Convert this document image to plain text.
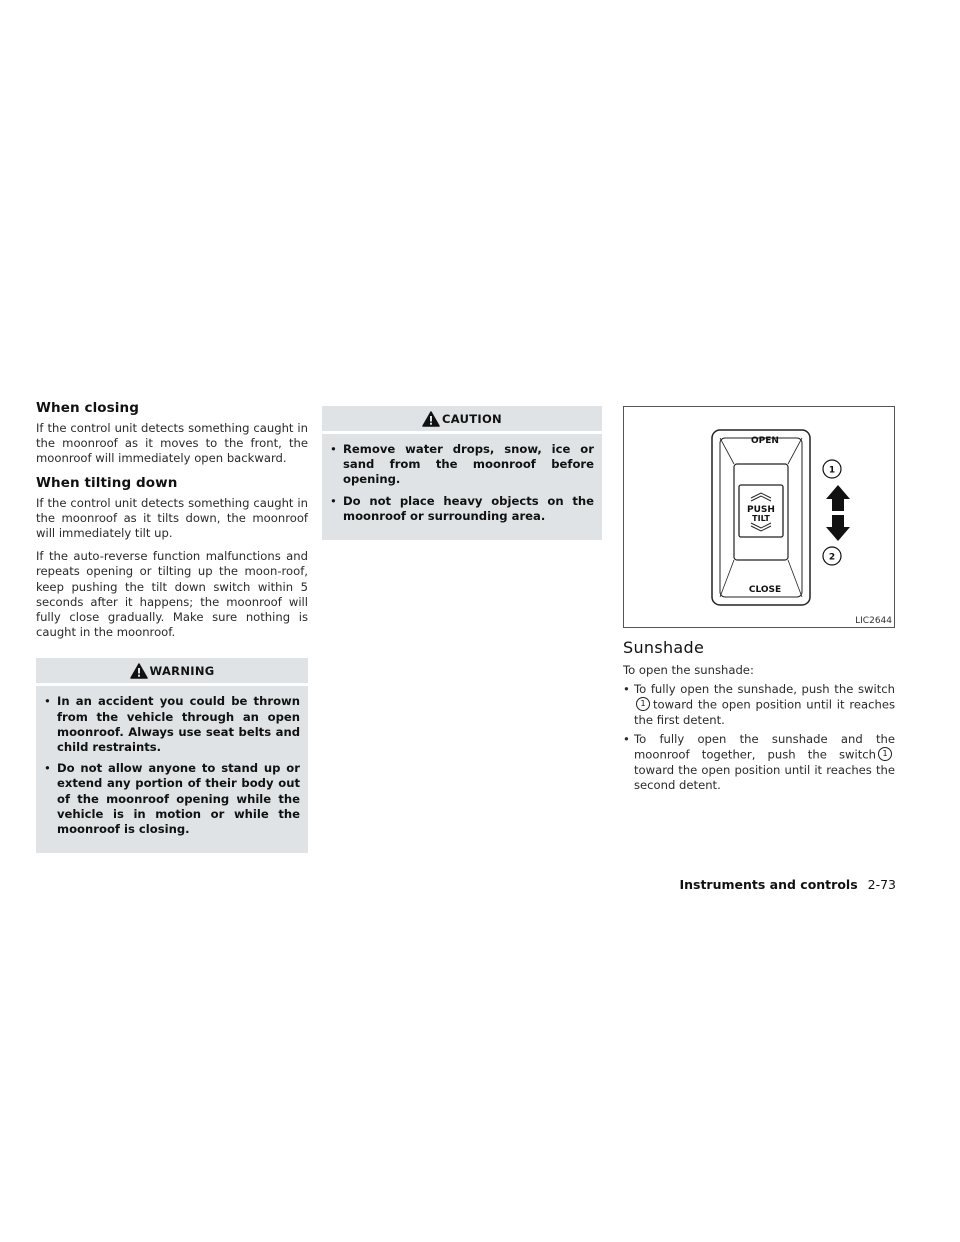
When closing

If the control unit detects something caught in the moonroof as it moves to the front, the moonroof will immediately open backward.

When tilting down

If the control unit detects something caught in the moonroof as it tilts down, the moonroof will immediately tilt up.

If the auto-reverse function malfunctions and repeats opening or tilting up the moon-roof, keep pushing the tilt down switch within 5 seconds after it happens; the moonroof will fully close gradually. Make sure nothing is caught in the moonroof.

WARNING
• In an accident you could be thrown from the vehicle through an open moonroof. Always use seat belts and child restraints.
• Do not allow anyone to stand up or extend any portion of their body out of the moonroof opening while the vehicle is in motion or while the moonroof is closing.
CAUTION
• Remove water drops, snow, ice or sand from the moonroof before opening.
• Do not place heavy objects on the moonroof or surrounding area.	PUSH
TILT
OPEN
CLOSE
1
2
LIC2644
Sunshade

To open the sunshade:

• To fully open the sunshade, push the switch1 toward the open position until it reaches the first detent.
• To fully open the sunshade and the moonroof together, push the switch 1toward the open position until it reaches the second detent.
Instruments and controls 2-73
